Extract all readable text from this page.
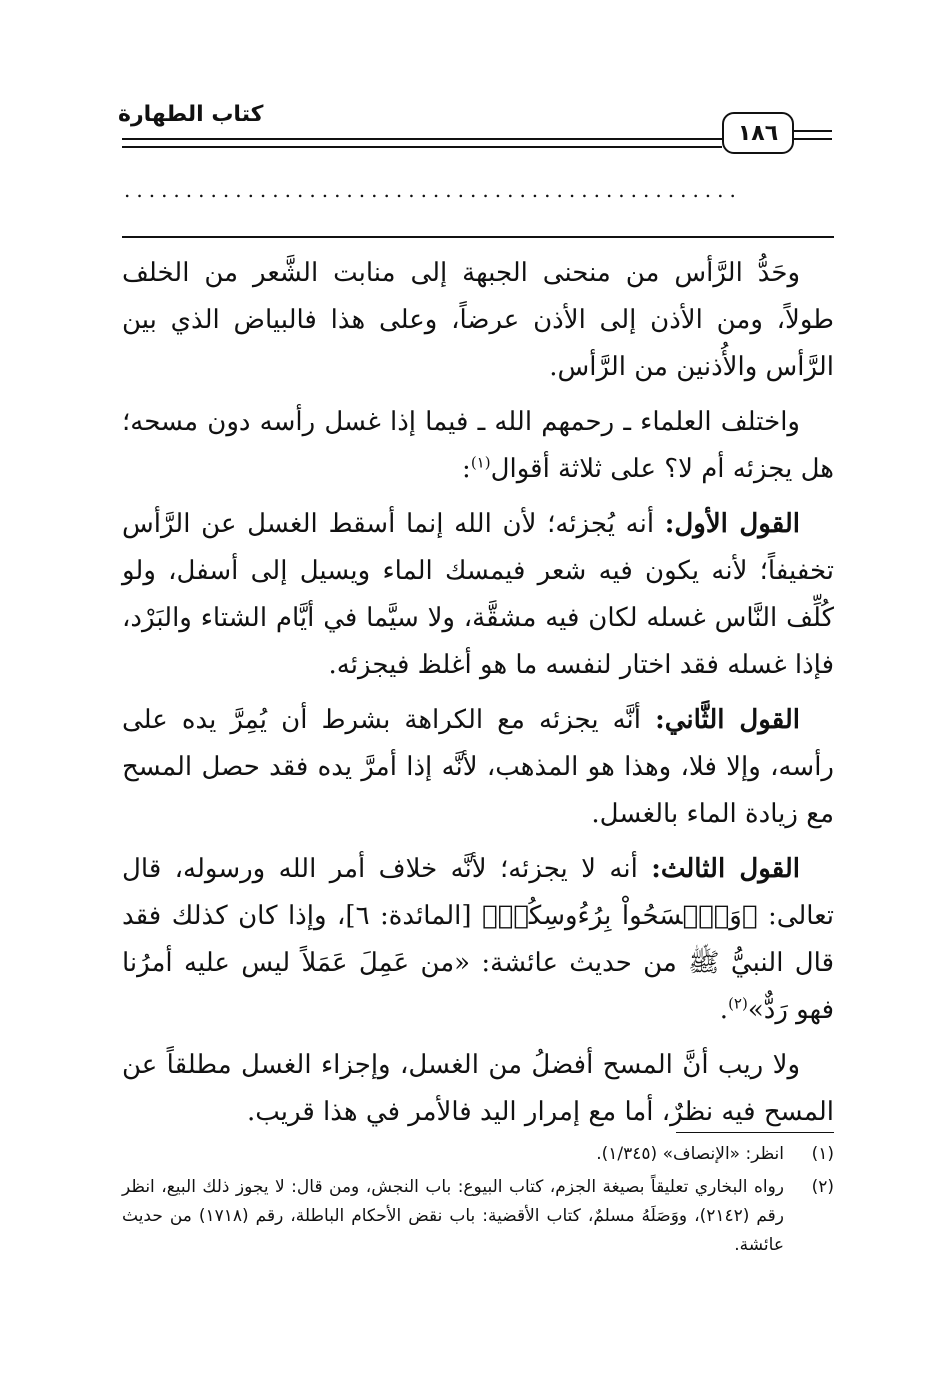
كتاب الطهارة
١٨٦
..................................................

وحَدُّ الرَّأس من منحنى الجبهة إلى منابت الشَّعر من الخلف طولاً، ومن الأذن إلى الأذن عرضاً، وعلى هذا فالبياض الذي بين الرَّأس والأُذنين من الرَّأس.

واختلف العلماء ـ رحمهم الله ـ فيما إذا غسل رأسه دون مسحه؛ هل يجزئه أم لا؟ على ثلاثة أقوال$^{(١)}$:

القول الأول: أنه يُجزئه؛ لأن الله إنما أسقط الغسل عن الرَّأس تخفيفاً؛ لأنه يكون فيه شعر فيمسك الماء ويسيل إلى أسفل، ولو كُلِّف النَّاس غسله لكان فيه مشقَّة، ولا سيَّما في أيَّام الشتاء والبَرْد، فإذا غسله فقد اختار لنفسه ما هو أغلظ فيجزئه.

القول الثَّاني: أنَّه يجزئه مع الكراهة بشرط أن يُمِرَّ يده على رأسه، وإلا فلا، وهذا هو المذهب، لأنَّه إذا أمرَّ يده فقد حصل المسح مع زيادة الماء بالغسل.

القول الثالث: أنه لا يجزئه؛ لأنَّه خلاف أمر الله ورسوله، قال تعالى: ﴿وَٱمۡسَحُواْ بِرُءُوسِكُمۡ﴾ [المائدة: ٦]، وإذا كان كذلك فقد قال النبيُّ ﷺ من حديث عائشة: «من عَمِلَ عَمَلاً ليس عليه أمرُنا فهو رَدٌّ»$^{(٢)}$.

ولا ريب أنَّ المسح أفضلُ من الغسل، وإجزاء الغسل مطلقاً عن المسح فيه نظرٌ، أما مع إمرار اليد فالأمر في هذا قريب.

(١)
انظر: «الإنصاف» (١/٣٤٥).
(٢)
رواه البخاري تعليقاً بصيغة الجزم، كتاب البيوع: باب النجش، ومن قال: لا يجوز ذلك البيع، انظر رقم (٢١٤٢)، ووَصَلَهُ مسلمٌ، كتاب الأقضية: باب نقض الأحكام الباطلة، رقم (١٧١٨) من حديث عائشة.
